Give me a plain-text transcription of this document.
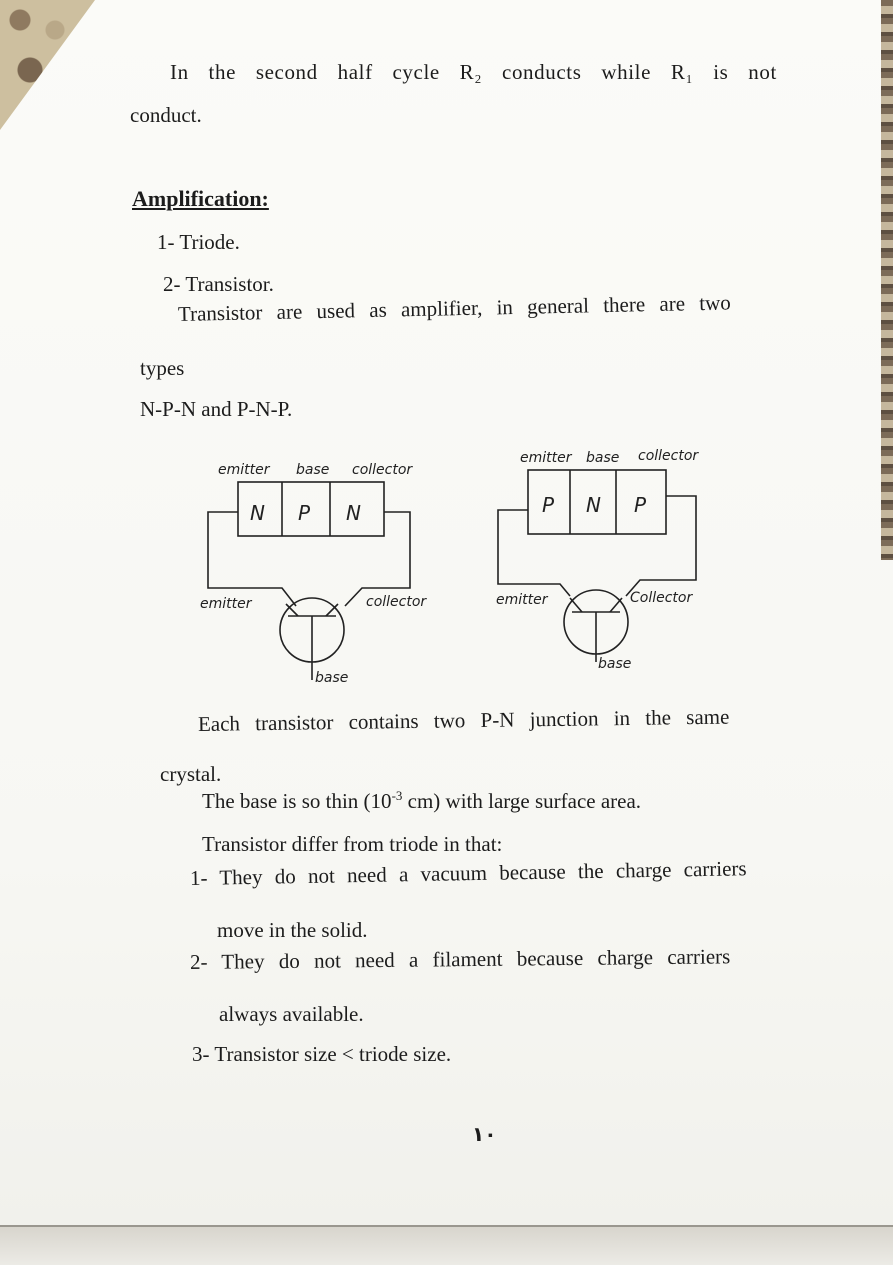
In the second half cycle R₂ conducts while R₁ is not
conduct.
Amplification:
1- Triode.
2- Transistor.
Transistor are used as amplifier, in general there are two
types
N-P-N and P-N-P.
emitter base collector
N P N
emitter	collector
base
emitter base collector
P N P
emitter	Collector
base
Each transistor contains two P-N junction in the same
crystal.
The base is so thin ($10^{-3}$ cm) with large surface area.
Transistor differ from triode in that:
1- They do not need a vacuum because the charge carriers
move in the solid.
2- They do not need a filament because charge carriers
always available.
3- Transistor size < triode size.
١٠
